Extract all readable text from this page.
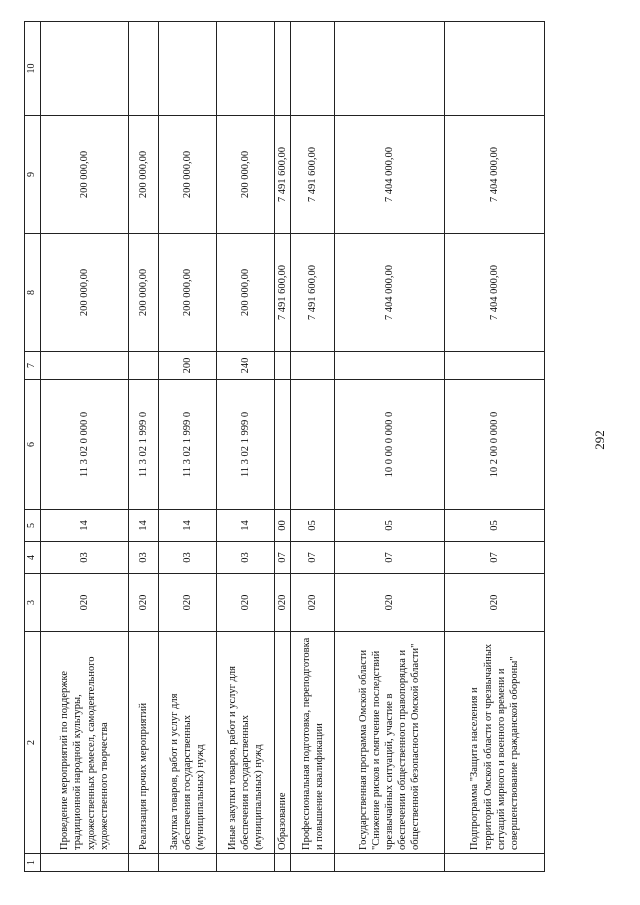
292
1	2	3	4	5	6	7	8	9	10
	Проведение мероприятий по поддержке традиционной народной культуры, художественных ремесел, самодеятельного художественного творчества	020	03	14	11 3 02 0 000 0		200 000,00	200 000,00	
	Реализация прочих мероприятий	020	03	14	11 3 02 1 999 0		200 000,00	200 000,00	
	Закупка товаров, работ и услуг для обеспечения государственных (муниципальных) нужд	020	03	14	11 3 02 1 999 0	200	200 000,00	200 000,00	
	Иные закупки товаров, работ и услуг для обеспечения государственных (муниципальных) нужд	020	03	14	11 3 02 1 999 0	240	200 000,00	200 000,00	
	Образование	020	07	00			7 491 600,00	7 491 600,00	
	Профессиональная подготовка, переподготовка и повышение квалификации	020	07	05			7 491 600,00	7 491 600,00	
	Государственная программа Омской области "Снижение рисков и смягчение последствий чрезвычайных ситуаций, участие в обеспечении общественного правопорядка и общественной безопасности Омской области"	020	07	05	10 0 00 0 000 0		7 404 000,00	7 404 000,00	
	Подпрограмма "Защита населения и территорий Омской области от чрезвычайных ситуаций мирного и военного времени и совершенствование гражданской обороны"	020	07	05	10 2 00 0 000 0		7 404 000,00	7 404 000,00	
